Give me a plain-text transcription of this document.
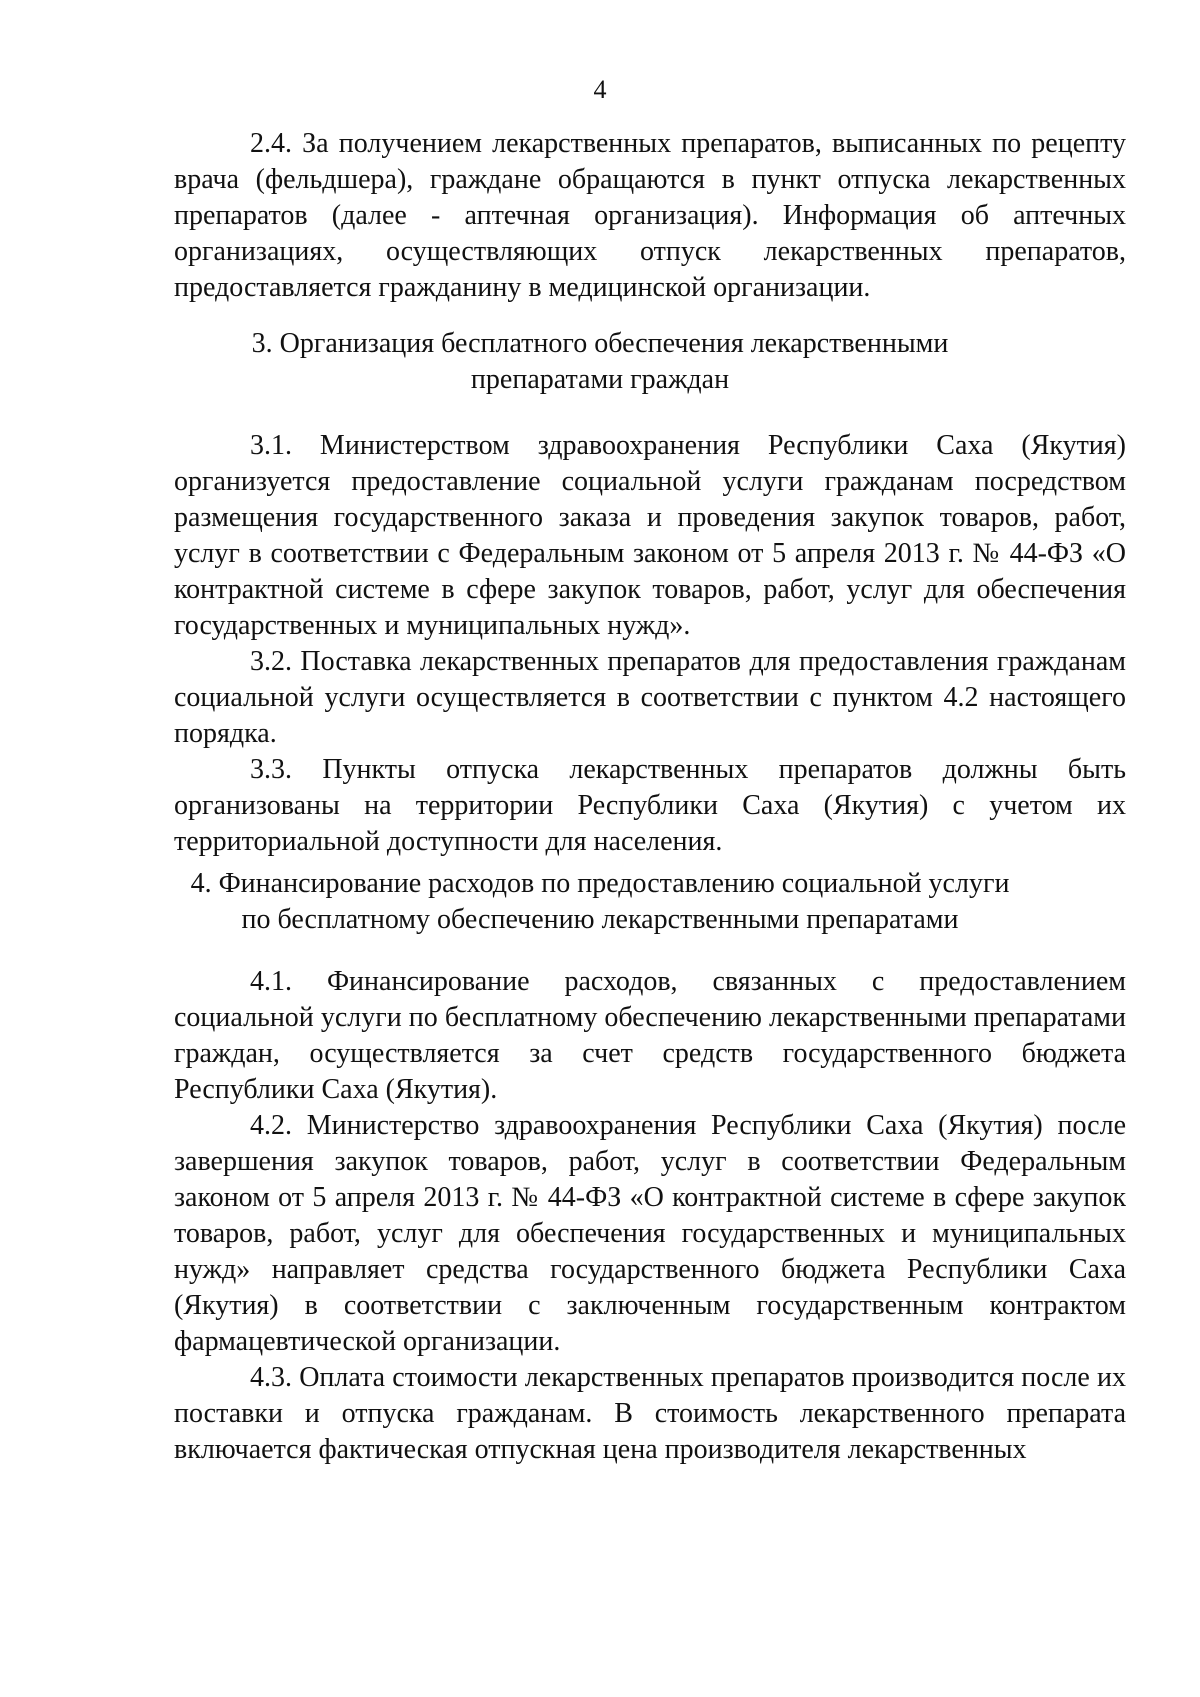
4

2.4. За получением лекарственных препаратов, выписанных по рецепту врача (фельдшера), граждане обращаются в пункт отпуска лекарственных препаратов (далее - аптечная организация). Информация об аптечных организациях, осуществляющих отпуск лекарственных препаратов, предоставляется гражданину в медицинской организации.

3. Организация бесплатного обеспечения лекарственными
препаратами граждан

3.1. Министерством здравоохранения Республики Саха (Якутия) организуется предоставление социальной услуги гражданам посредством размещения государственного заказа и проведения закупок товаров, работ, услуг в соответствии с Федеральным законом от 5 апреля 2013 г. № 44-ФЗ «О контрактной системе в сфере закупок товаров, работ, услуг для обеспечения государственных и муниципальных нужд».

3.2. Поставка лекарственных препаратов для предоставления гражданам социальной услуги осуществляется в соответствии с пунктом 4.2 настоящего порядка.

3.3. Пункты отпуска лекарственных препаратов должны быть организованы на территории Республики Саха (Якутия) с учетом их территориальной доступности для населения.

4. Финансирование расходов по предоставлению социальной услуги
по бесплатному обеспечению лекарственными препаратами

4.1. Финансирование расходов, связанных с предоставлением социальной услуги по бесплатному обеспечению лекарственными препаратами граждан, осуществляется за счет средств государственного бюджета Республики Саха (Якутия).

4.2. Министерство здравоохранения Республики Саха (Якутия) после завершения закупок товаров, работ, услуг в соответствии Федеральным законом от 5 апреля 2013 г. № 44-ФЗ «О контрактной системе в сфере закупок товаров, работ, услуг для обеспечения государственных и муниципальных нужд» направляет средства государственного бюджета Республики Саха (Якутия) в соответствии с заключенным государственным контрактом фармацевтической организации.

4.3. Оплата стоимости лекарственных препаратов производится после их поставки и отпуска гражданам. В стоимость лекарственного препарата включается фактическая отпускная цена производителя лекарственных
